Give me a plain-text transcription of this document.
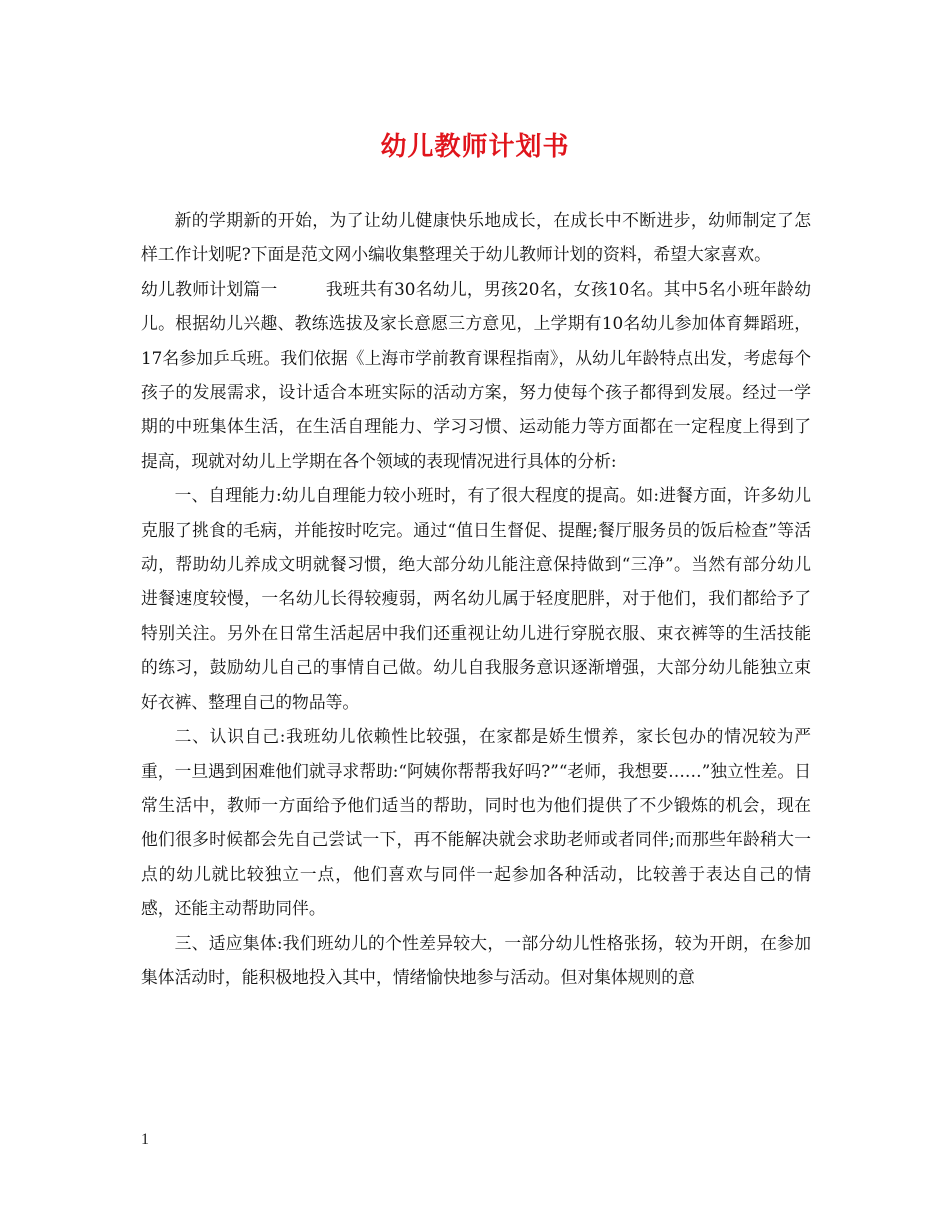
幼儿教师计划书

新的学期新的开始，为了让幼儿健康快乐地成长，在成长中不断进步，幼师制定了怎样工作计划呢?下面是范文网小编收集整理关于幼儿教师计划的资料，希望大家喜欢。

幼儿教师计划篇一	我班共有30名幼儿，男孩20名，女孩10名。其中5名小班年龄幼儿。根据幼儿兴趣、教练选拔及家长意愿三方意见，上学期有10名幼儿参加体育舞蹈班，17名参加乒乓班。我们依据《上海市学前教育课程指南》，从幼儿年龄特点出发，考虑每个孩子的发展需求，设计适合本班实际的活动方案，努力使每个孩子都得到发展。经过一学期的中班集体生活，在生活自理能力、学习习惯、运动能力等方面都在一定程度上得到了提高，现就对幼儿上学期在各个领域的表现情况进行具体的分析:

一、自理能力:幼儿自理能力较小班时，有了很大程度的提高。如:进餐方面，许多幼儿克服了挑食的毛病，并能按时吃完。通过“值日生督促、提醒;餐厅服务员的饭后检查”等活动，帮助幼儿养成文明就餐习惯，绝大部分幼儿能注意保持做到“三净”。当然有部分幼儿进餐速度较慢，一名幼儿长得较瘦弱，两名幼儿属于轻度肥胖，对于他们，我们都给予了特别关注。另外在日常生活起居中我们还重视让幼儿进行穿脱衣服、束衣裤等的生活技能的练习，鼓励幼儿自己的事情自己做。幼儿自我服务意识逐渐增强，大部分幼儿能独立束好衣裤、整理自己的物品等。

二、认识自己:我班幼儿依赖性比较强，在家都是娇生惯养，家长包办的情况较为严重，一旦遇到困难他们就寻求帮助:“阿姨你帮帮我好吗?”“老师，我想要……”独立性差。日常生活中，教师一方面给予他们适当的帮助，同时也为他们提供了不少锻炼的机会，现在他们很多时候都会先自己尝试一下，再不能解决就会求助老师或者同伴;而那些年龄稍大一点的幼儿就比较独立一点，他们喜欢与同伴一起参加各种活动，比较善于表达自己的情感，还能主动帮助同伴。

三、适应集体:我们班幼儿的个性差异较大，一部分幼儿性格张扬，较为开朗，在参加集体活动时，能积极地投入其中，情绪愉快地参与活动。但对集体规则的意

1
